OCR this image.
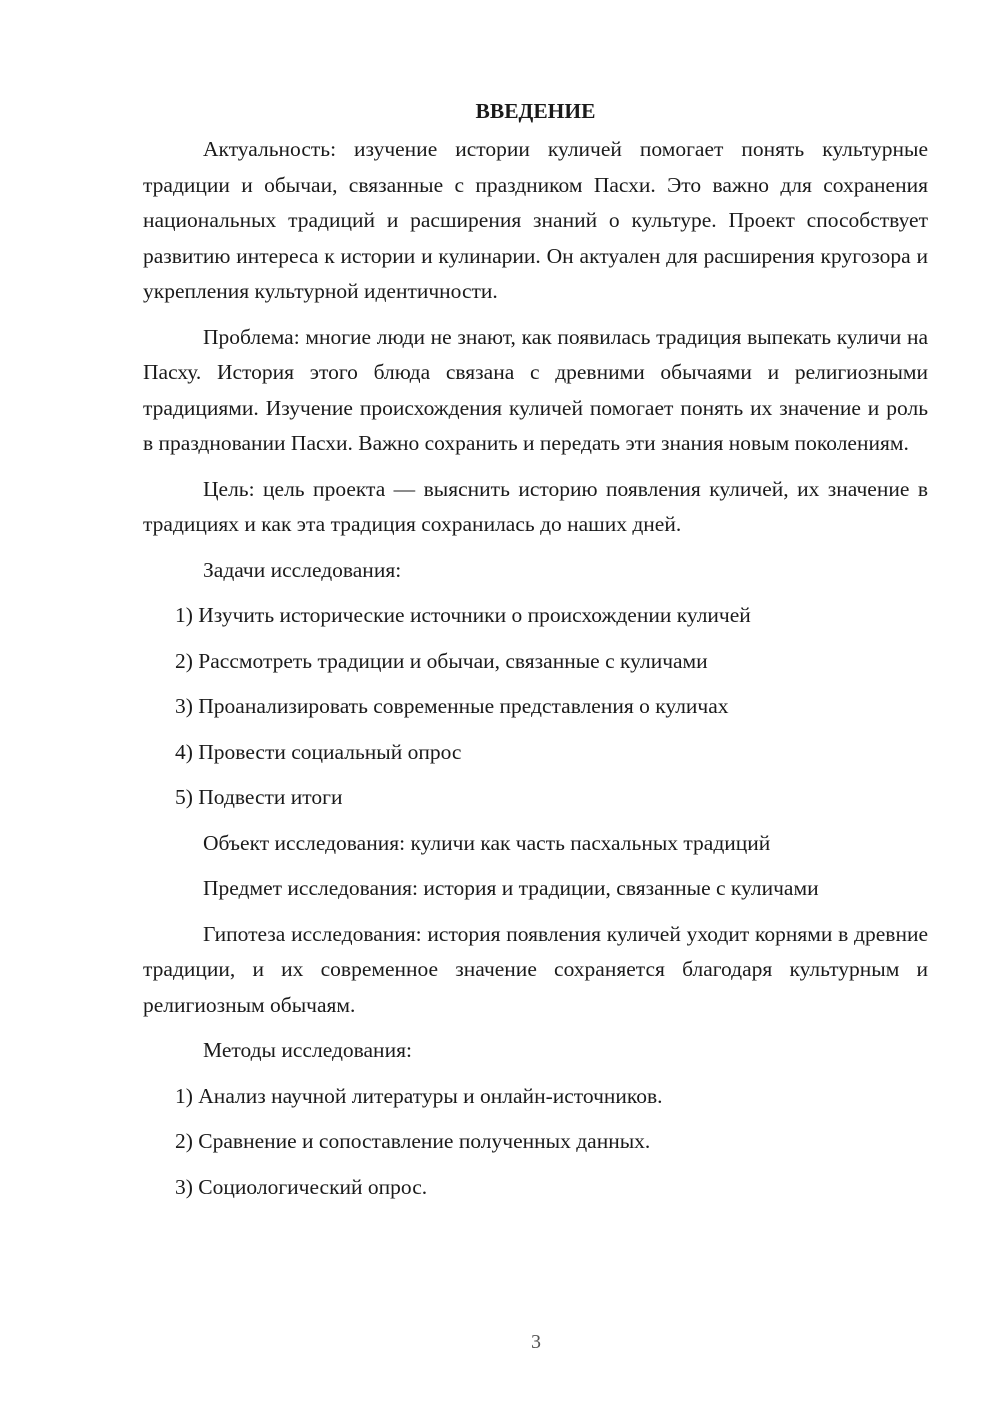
ВВЕДЕНИЕ

Актуальность: изучение истории куличей помогает понять культурные традиции и обычаи, связанные с праздником Пасхи. Это важно для сохранения национальных традиций и расширения знаний о культуре. Проект способствует развитию интереса к истории и кулинарии. Он актуален для расширения кругозора и укрепления культурной идентичности.

Проблема: многие люди не знают, как появилась традиция выпекать куличи на Пасху. История этого блюда связана с древними обычаями и религиозными традициями. Изучение происхождения куличей помогает понять их значение и роль в праздновании Пасхи. Важно сохранить и передать эти знания новым поколениям.

Цель: цель проекта — выяснить историю появления куличей, их значение в традициях и как эта традиция сохранилась до наших дней.

Задачи исследования:

1) Изучить исторические источники о происхождении куличей
2) Рассмотреть традиции и обычаи, связанные с куличами
3) Проанализировать современные представления о куличах
4) Провести социальный опрос
5) Подвести итоги

Объект исследования: куличи как часть пасхальных традиций

Предмет исследования: история и традиции, связанные с куличами

Гипотеза исследования: история появления куличей уходит корнями в древние традиции, и их современное значение сохраняется благодаря культурным и религиозным обычаям.

Методы исследования:

1) Анализ научной литературы и онлайн-источников.
2) Сравнение и сопоставление полученных данных.
3) Социологический опрос.
3
